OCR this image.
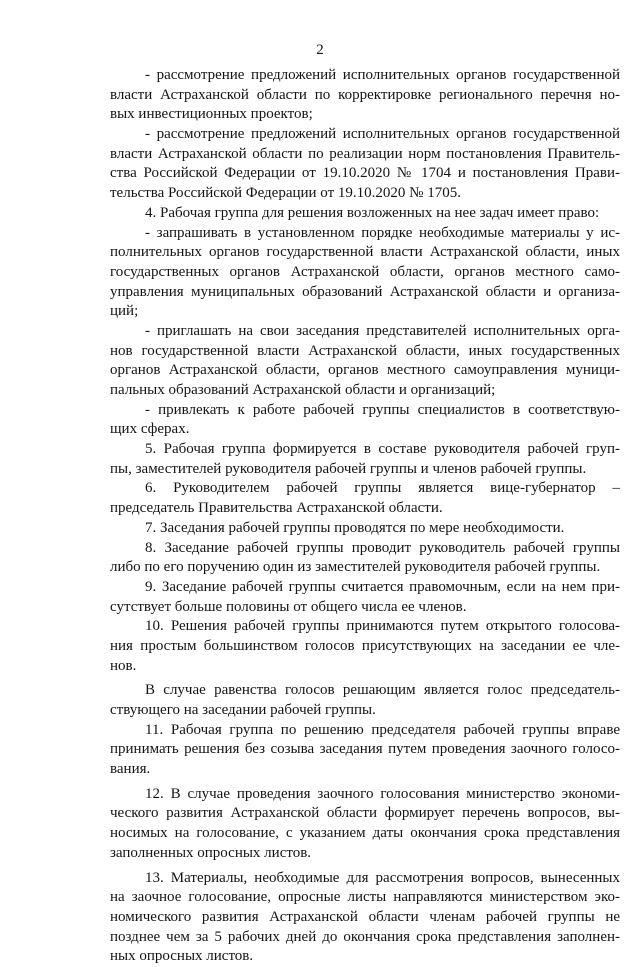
2
- рассмотрение предложений исполнительных органов государственной
власти Астраханской области по корректировке регионального перечня но-
вых инвестиционных проектов;
- рассмотрение предложений исполнительных органов государственной
власти Астраханской области по реализации норм постановления Правитель-
ства Российской Федерации от 19.10.2020 № 1704 и постановления Прави-
тельства Российской Федерации от 19.10.2020 № 1705.
4. Рабочая группа для решения возложенных на нее задач имеет право:
- запрашивать в установленном порядке необходимые материалы у ис-
полнительных органов государственной власти Астраханской области, иных
государственных органов Астраханской области, органов местного само-
управления муниципальных образований Астраханской области и организа-
ций;
- приглашать на свои заседания представителей исполнительных орга-
нов государственной власти Астраханской области, иных государственных
органов Астраханской области, органов местного самоуправления муници-
пальных образований Астраханской области и организаций;
- привлекать к работе рабочей группы специалистов в соответствую-
щих сферах.
5. Рабочая группа формируется в составе руководителя рабочей груп-
пы, заместителей руководителя рабочей группы и членов рабочей группы.
6. Руководителем рабочей группы является вице-губернатор –
председатель Правительства Астраханской области.
7. Заседания рабочей группы проводятся по мере необходимости.
8. Заседание рабочей группы проводит руководитель рабочей группы
либо по его поручению один из заместителей руководителя рабочей группы.
9. Заседание рабочей группы считается правомочным, если на нем при-
сутствует больше половины от общего числа ее членов.
10. Решения рабочей группы принимаются путем открытого голосова-
ния простым большинством голосов присутствующих на заседании ее чле-
нов.
В случае равенства голосов решающим является голос председатель-
ствующего на заседании рабочей группы.
11. Рабочая группа по решению председателя рабочей группы вправе
принимать решения без созыва заседания путем проведения заочного голосо-
вания.
12. В случае проведения заочного голосования министерство экономи-
ческого развития Астраханской области формирует перечень вопросов, вы-
носимых на голосование, с указанием даты окончания срока представления
заполненных опросных листов.
13. Материалы, необходимые для рассмотрения вопросов, вынесенных
на заочное голосование, опросные листы направляются министерством эко-
номического развития Астраханской области членам рабочей группы не
позднее чем за 5 рабочих дней до окончания срока представления заполнен-
ных опросных листов.
